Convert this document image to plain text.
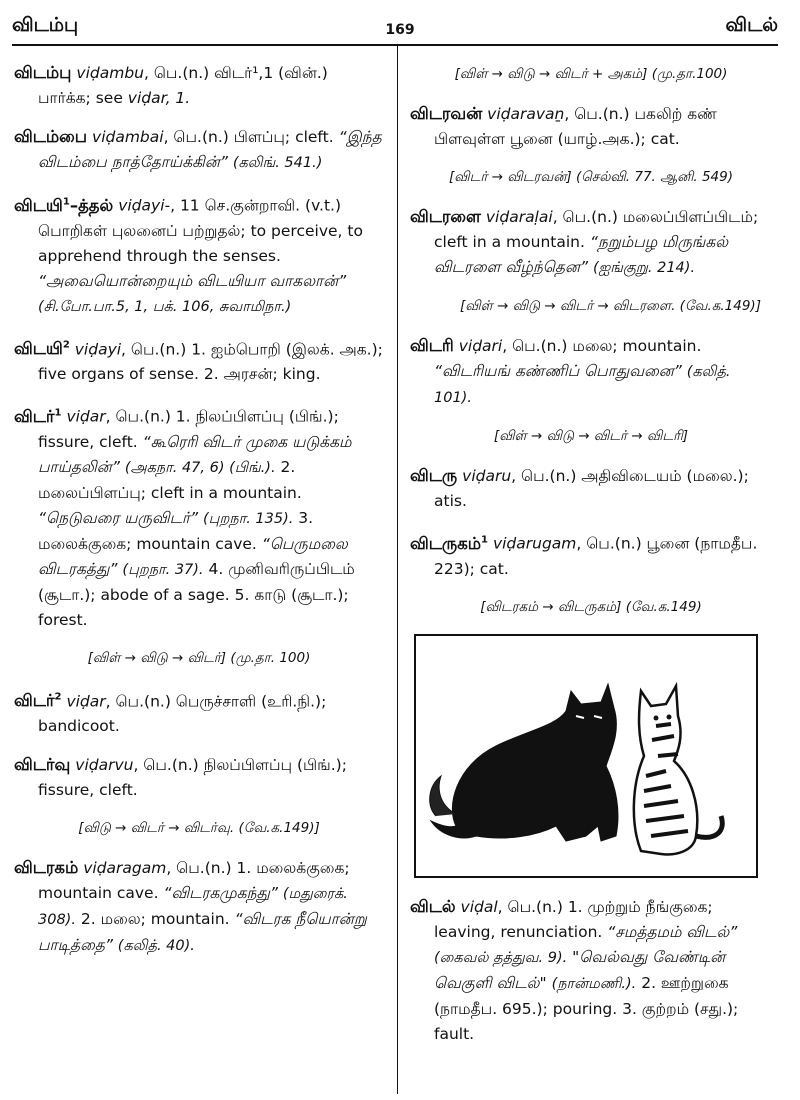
விடம்பு	169	விடல்
விடம்பு viḍambu, பெ.(n.) விடர்¹,1 (வின்.) பார்க்க; see viḍar, 1.
விடம்பை viḍambai, பெ.(n.) பிளப்பு; cleft. “இந்த விடம்பை நாத்தோய்க்கின்” (கலிங். 541.)
விடயி$^1$–த்தல் viḍayi-, 11 செ.குன்றாவி. (v.t.) பொறிகள் புலனைப் பற்றுதல்; to perceive, to apprehend through the senses. “அவையொன்றையும் விடயியா வாகலான்” (சி.போ.பா.5, 1, பக். 106, சுவாமிநா.)
விடயி$^2$ viḍayi, பெ.(n.) 1. ஐம்பொறி (இலக். அக.); five organs of sense. 2. அரசன்; king.
விடர்$^1$ viḍar, பெ.(n.) 1. நிலப்பிளப்பு (பிங்.); fissure, cleft. “கூரெரி விடர் முகை யடுக்கம் பாய்தலின்” (அகநா. 47, 6) (பிங்.). 2. மலைப்பிளப்பு; cleft in a mountain. “நெடுவரை யருவிடர்” (புறநா. 135). 3. மலைக்குகை; mountain cave. “பெருமலை விடரகத்து” (புறநா. 37). 4. முனிவரிருப்பிடம் (சூடா.); abode of a sage. 5. காடு (சூடா.); forest.
[விள் → விடு → விடர்] (மு.தா. 100)
விடர்$^2$ viḍar, பெ.(n.) பெருச்சாளி (உரி.நி.); bandicoot.
விடர்வு viḍarvu, பெ.(n.) நிலப்பிளப்பு (பிங்.); fissure, cleft.
[விடு → விடர் → விடர்வு. (வே.க.149)]
விடரகம் viḍaragam, பெ.(n.) 1. மலைக்குகை; mountain cave. “விடரகமுகந்து” (மதுரைக். 308). 2. மலை; mountain. “விடரக நீயொன்று பாடித்தை” (கலித். 40).
[விள் → விடு → விடர் + அகம்] (மு.தா.100)
விடரவன் viḍaravaṉ, பெ.(n.) பகலிற் கண் பிளவுள்ள பூனை (யாழ்.அக.); cat.
[விடர் → விடரவன்] (செல்வி. 77. ஆனி. 549)
விடரளை viḍaraḷai, பெ.(n.) மலைப்பிளப்பிடம்; cleft in a mountain. “நறும்பழ மிருங்கல் விடரளை வீழ்ந்தென” (ஐங்குறு. 214).
[விள் → விடு → விடர் → விடரளை. (வே.க.149)]
விடரி viḍari, பெ.(n.) மலை; mountain. “விடரியங் கண்ணிப் பொதுவனை” (கலித். 101).
[விள் → விடு → விடர் → விடரி]
விடரு viḍaru, பெ.(n.) அதிவிடையம் (மலை.); atis.
விடருகம்$^1$ viḍarugam, பெ.(n.) பூனை (நாமதீப. 223); cat.
[விடரகம் → விடருகம்] (வே.க.149)
விடல் viḍal, பெ.(n.) 1. முற்றும் நீங்குகை; leaving, renunciation. “சமத்தமம் விடல்” (கைவல் தத்துவ. 9). "வெல்வது வேண்டின் வெகுளி விடல்" (நான்மணி.). 2. ஊற்றுகை (நாமதீப. 695.); pouring. 3. குற்றம் (சது.); fault.
